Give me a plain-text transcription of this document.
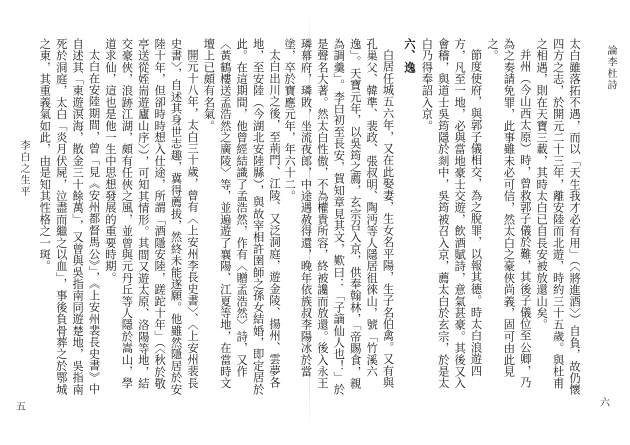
太白出川之後，至荊門、江陵、又泛洞庭，遊金陵、揚州、雲夢各地，至安陸（今湖北安陸縣），與故宰相許圉師之孫女結婚，即定居於此。在這期間，他曾經結識了孟浩然，作有〈贈孟浩然〉詩，又作〈黃鶴樓送孟浩然之廣陵〉等，並遍遊了襄陽、江夏等地，在當時文壇上已頗有名氣。

開元十八年，太白三十歲，曾有〈上安州李長史書〉、〈上安州裴長史書〉，自述其身世志趣，冀得薦拔，然終未能遂願。他雖然隱居於安陸十年，但卻時時想入仕途，所謂「酒隱安陸，蹉跎十年」（〈秋於敬亭送從姪耑遊廬山序〉），可知其情形。其間又遊太原、洛陽等地，結交豪俠，浪跡江湖，頗有任俠之風，並曾與元丹丘等人隱於嵩山，學道求仙，這也是他一生中思想發展的重要時期。

太白在安陸期間，曾「見《安州都督馬公》」，《上安州裴長史書》中自述其「東遊溟海，散金三十餘萬」，又曾與吳指南同遊楚地，吳指南死於洞庭，太白「炎月伏屍，泣盡而繼之以血」，事後負骨葬之於鄂城之東，其重義氣如此，由是知其性格之一斑。

李白之生平
五

太白雖落拓不遇，而以「天生我才必有用」（〈將進酒〉）自負，故仍懷四方之志，於開元二十三年，離安陸而北遊，時約三十五歲。與杜甫之相遇，則在天寶三載，其時太白已自長安被放還山矣。

并州（今山西太原）時，曾救郭子儀於難，其後子儀位至公卿，乃為之奏請免罪，此事雖未必可信，然太白之豪俠尚義，固可由此見之。

節度使府，與郭子儀相交，為之脫罪，以報其德。時太白浪遊四方，凡至一地，必與當地豪士交遊，飲酒賦詩，意氣甚豪。其後又入會稽，與道士吳筠隱於剡中，吳筠被召入京，薦太白於玄宗，於是太白乃得奉詔入京。

六、逸

白居任城五六年，又在此娶妻，生女名平陽，生子名伯禽。又有與孔巢父、韓準、裴政、張叔明、陶沔等人隱居徂徠山，號「竹溪六逸」。天寶元年，以吳筠之薦，玄宗召入京，供奉翰林，「帝賜食，親為調羹」。李白初至長安，賀知章見其文，歎曰：「子謫仙人也！」於是聲名大著。然太白性傲，不為權貴所容，終被讒而放還。後入永王璘幕府，璘敗，坐流夜郎，中途遇赦得還，晚年依族叔李陽冰於當塗，卒於寶應元年，年六十二。	論李杜詩
六
